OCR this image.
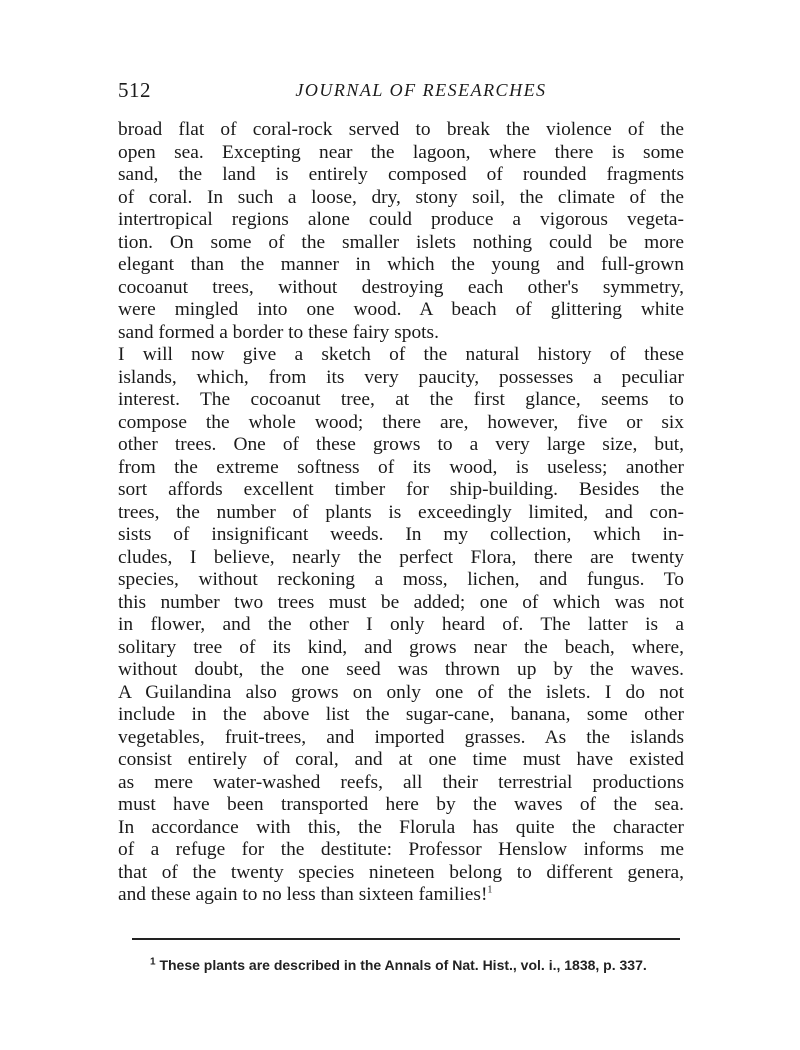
512	JOURNAL OF RESEARCHES
broad flat of coral-rock served to break the violence of the
open sea. Excepting near the lagoon, where there is some
sand, the land is entirely composed of rounded fragments
of coral. In such a loose, dry, stony soil, the climate of the
intertropical regions alone could produce a vigorous vegeta-
tion. On some of the smaller islets nothing could be more
elegant than the manner in which the young and full-grown
cocoanut trees, without destroying each other's symmetry,
were mingled into one wood. A beach of glittering white
sand formed a border to these fairy spots.
I will now give a sketch of the natural history of these
islands, which, from its very paucity, possesses a peculiar
interest. The cocoanut tree, at the first glance, seems to
compose the whole wood; there are, however, five or six
other trees. One of these grows to a very large size, but,
from the extreme softness of its wood, is useless; another
sort affords excellent timber for ship-building. Besides the
trees, the number of plants is exceedingly limited, and con-
sists of insignificant weeds. In my collection, which in-
cludes, I believe, nearly the perfect Flora, there are twenty
species, without reckoning a moss, lichen, and fungus. To
this number two trees must be added; one of which was not
in flower, and the other I only heard of. The latter is a
solitary tree of its kind, and grows near the beach, where,
without doubt, the one seed was thrown up by the waves.
A Guilandina also grows on only one of the islets. I do not
include in the above list the sugar-cane, banana, some other
vegetables, fruit-trees, and imported grasses. As the islands
consist entirely of coral, and at one time must have existed
as mere water-washed reefs, all their terrestrial productions
must have been transported here by the waves of the sea.
In accordance with this, the Florula has quite the character
of a refuge for the destitute: Professor Henslow informs me
that of the twenty species nineteen belong to different genera,
and these again to no less than sixteen families!$^1$
$^1$ These plants are described in the Annals of Nat. Hist., vol. i., 1838, p. 337.
